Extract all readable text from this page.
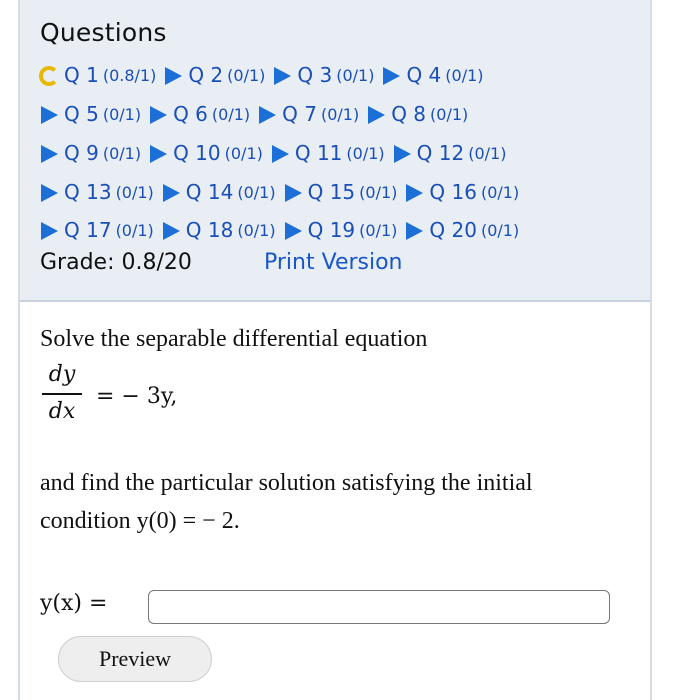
Questions
Q 1 (0.8/1) Q 2 (0/1) Q 3 (0/1) Q 4 (0/1)
Q 5 (0/1) Q 6 (0/1) Q 7 (0/1) Q 8 (0/1)
Q 9 (0/1) Q 10 (0/1) Q 11 (0/1) Q 12 (0/1)
Q 13 (0/1) Q 14 (0/1) Q 15 (0/1) Q 16 (0/1)
Q 17 (0/1) Q 18 (0/1) Q 19 (0/1) Q 20 (0/1)
Grade: 0.8/20	Print Version
Solve the separable differential equation
dy
dx
= − 3y,
and find the particular solution satisfying the initial
condition y(0) = − 2.
y(x) =
Preview
